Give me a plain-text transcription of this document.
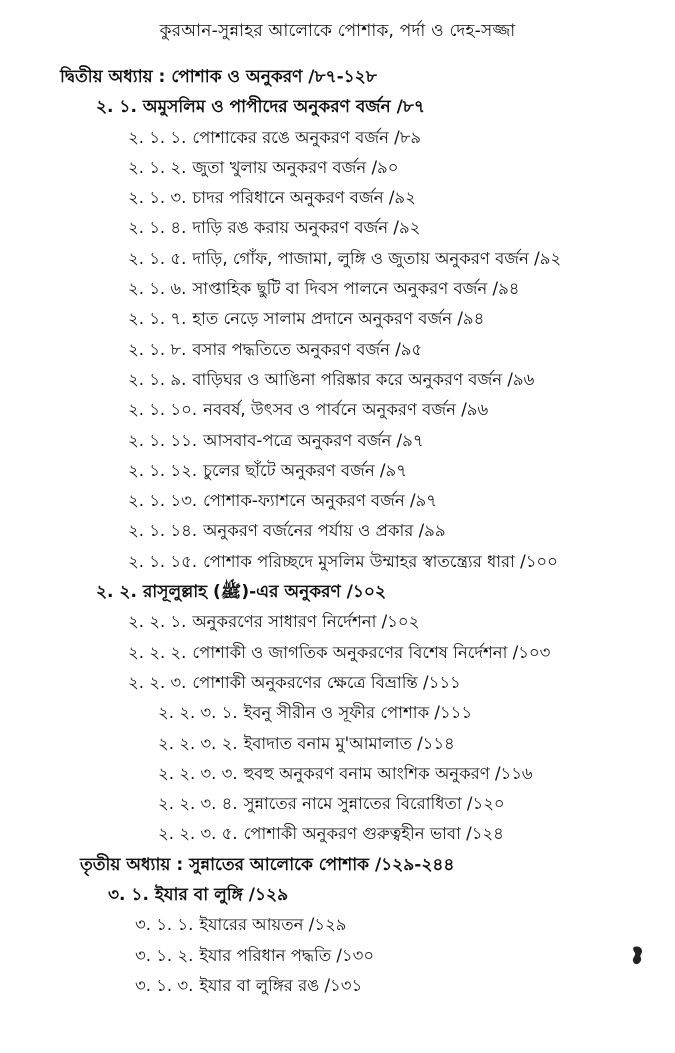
কুরআন-সুন্নাহর আলোকে পোশাক, পর্দা ও দেহ-সজ্জা
দ্বিতীয় অধ্যায় : পোশাক ও অনুকরণ /৮৭-১২৮
২. ১. অমুসলিম ও পাপীদের অনুকরণ বর্জন /৮৭
২. ১. ১. পোশাকের রঙে অনুকরণ বর্জন /৮৯
২. ১. ২. জুতা খুলায় অনুকরণ বর্জন /৯০
২. ১. ৩. চাদর পরিধানে অনুকরণ বর্জন /৯২
২. ১. ৪. দাড়ি রঙ করায় অনুকরণ বর্জন /৯২
২. ১. ৫. দাড়ি, গোঁফ, পাজামা, লুঙ্গি ও জুতায় অনুকরণ বর্জন /৯২
২. ১. ৬. সাপ্তাহিক ছুটি বা দিবস পালনে অনুকরণ বর্জন /৯৪
২. ১. ৭. হাত নেড়ে সালাম প্রদানে অনুকরণ বর্জন /৯৪
২. ১. ৮. বসার পদ্ধতিতে অনুকরণ বর্জন /৯৫
২. ১. ৯. বাড়িঘর ও আঙিনা পরিষ্কার করে অনুকরণ বর্জন /৯৬
২. ১. ১০. নববর্ষ, উৎসব ও পার্বনে অনুকরণ বর্জন /৯৬
২. ১. ১১. আসবাব-পত্রে অনুকরণ বর্জন /৯৭
২. ১. ১২. চুলের ছাঁটে অনুকরণ বর্জন /৯৭
২. ১. ১৩. পোশাক-ফ্যাশনে অনুকরণ বর্জন /৯৭
২. ১. ১৪. অনুকরণ বর্জনের পর্যায় ও প্রকার /৯৯
২. ১. ১৫. পোশাক পরিচ্ছদে মুসলিম উম্মাহর স্বাতন্ত্র্যের ধারা /১০০
২. ২. রাসূলুল্লাহ (ﷺ)-এর অনুকরণ /১০২
২. ২. ১. অনুকরণের সাধারণ নির্দেশনা /১০২
২. ২. ২. পোশাকী ও জাগতিক অনুকরণের বিশেষ নির্দেশনা /১০৩
২. ২. ৩. পোশাকী অনুকরণের ক্ষেত্রে বিভ্রান্তি /১১১
২. ২. ৩. ১. ইবনু সীরীন ও সূফীর পোশাক /১১১
২. ২. ৩. ২. ইবাদাত বনাম মু'আমালাত /১১৪
২. ২. ৩. ৩. হুবহু অনুকরণ বনাম আংশিক অনুকরণ /১১৬
২. ২. ৩. ৪. সুন্নাতের নামে সুন্নাতের বিরোধিতা /১২০
২. ২. ৩. ৫. পোশাকী অনুকরণ গুরুত্বহীন ভাবা /১২৪
তৃতীয় অধ্যায় : সুন্নাতের আলোকে পোশাক /১২৯-২৪৪
৩. ১. ইযার বা লুঙ্গি /১২৯
৩. ১. ১. ইযারের আয়তন /১২৯
৩. ১. ২. ইযার পরিধান পদ্ধতি /১৩০
৩. ১. ৩. ইযার বা লুঙ্গির রঙ /১৩১
